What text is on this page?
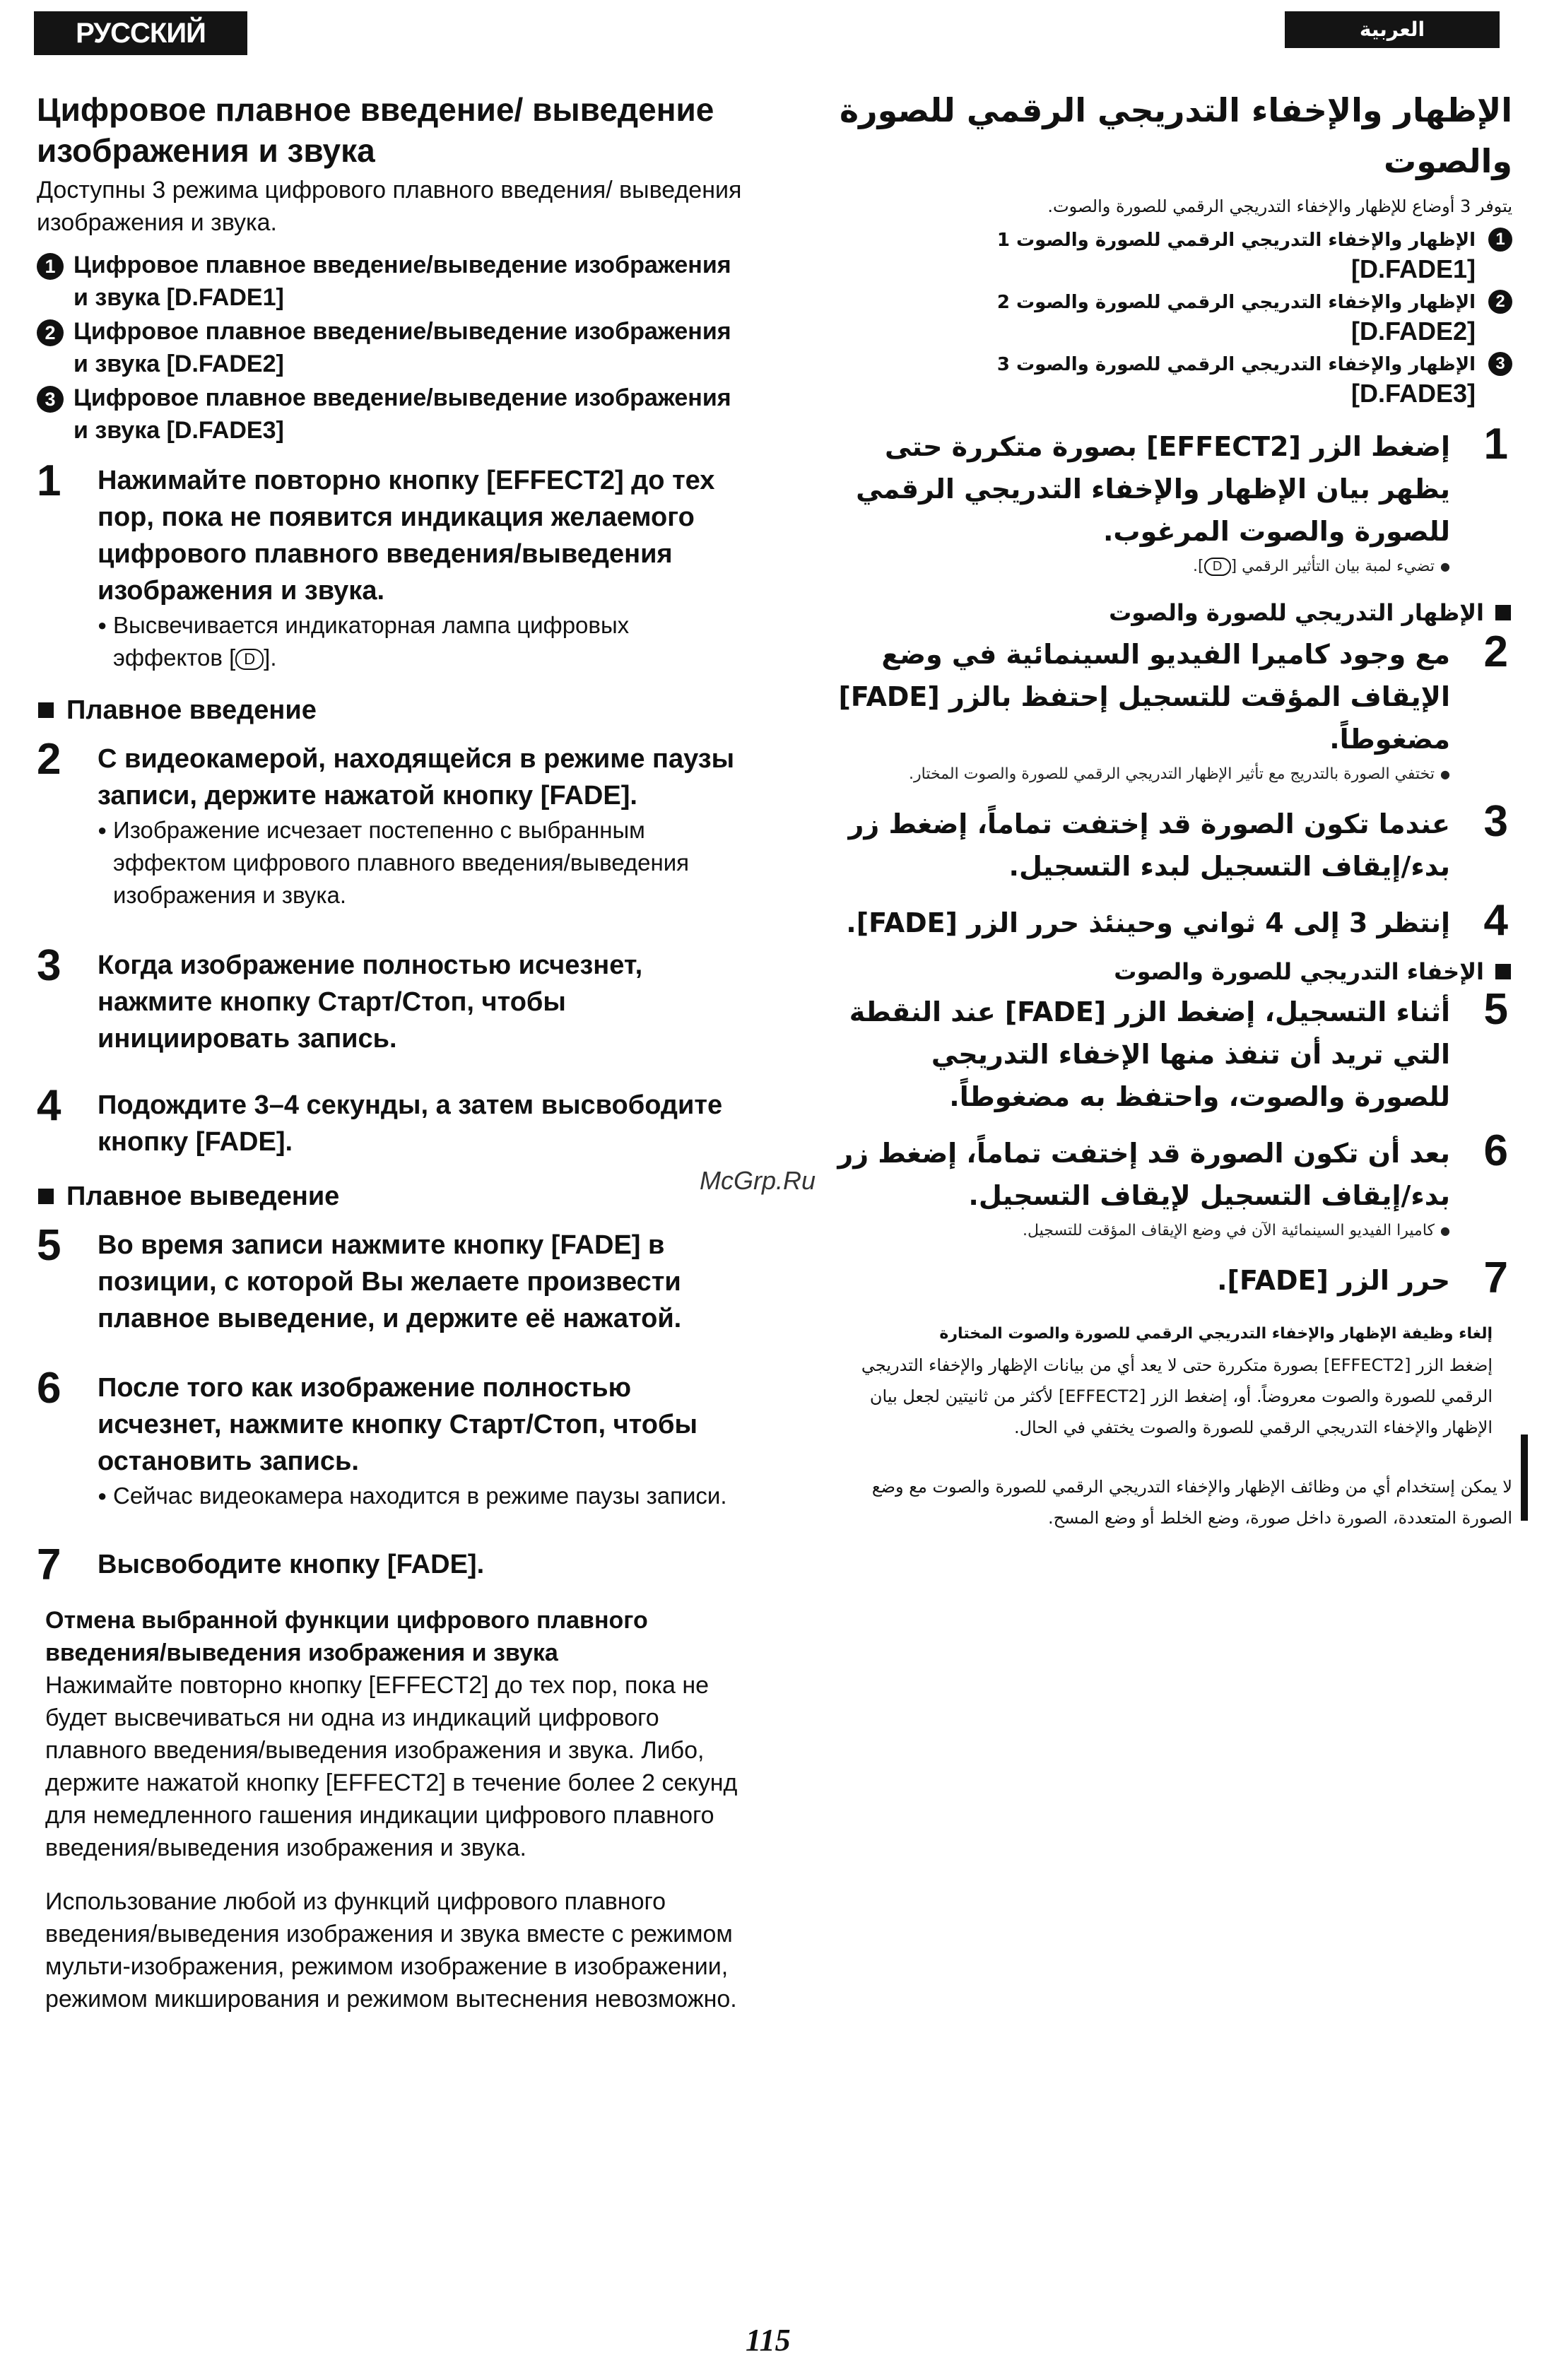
РУССКИЙ ЯЗЫК
العربية
Цифровое плавное введение/ выведение изображения и звука

Доступны 3 режима цифрового плавного введения/ выведения изображения и звука.

1 Цифровое плавное введение/выведение изображения и звука [D.FADE1]
2 Цифровое плавное введение/выведение изображения и звука [D.FADE2]
3 Цифровое плавное введение/выведение изображения и звука [D.FADE3]
1 Нажимайте повторно кнопку [EFFECT2] до тех пор, пока не появится индикация желаемого цифрового плавного введения/выведения изображения и звука.
● Высвечивается индикаторная лампа цифровых эффектов [ D ].
Плавное введение
2 С видеокамерой, находящейся в режиме паузы записи, держите нажатой кнопку [FADE].
● Изображение исчезает постепенно с выбранным эффектом цифрового плавного введения/выведения изображения и звука.
3 Когда изображение полностью исчезнет, нажмите кнопку Старт/Стоп, чтобы инициировать запись.
4 Подождите 3–4 секунды, а затем высвободите кнопку [FADE].
Плавное выведение
5 Во время записи нажмите кнопку [FADE] в позиции, с которой Вы желаете произвести плавное выведение, и держите её нажатой.
6 После того как изображение полностью исчезнет, нажмите кнопку Старт/Стоп, чтобы остановить запись.
● Сейчас видеокамера находится в режиме паузы записи.
7 Высвободите кнопку [FADE].

Отмена выбранной функции цифрового плавного введения/выведения изображения и звука

Нажимайте повторно кнопку [EFFECT2] до тех пор, пока не будет высвечиваться ни одна из индикаций цифрового плавного введения/выведения изображения и звука. Либо, держите нажатой кнопку [EFFECT2] в течение более 2 секунд для немедленного гашения индикации цифрового плавного введения/выведения изображения и звука.

Использование любой из функций цифрового плавного введения/выведения изображения и звука вместе с режимом мульти-изображения, режимом изображение в изображении, режимом микширования и режимом вытеснения невозможно.

الإظهار والإخفاء التدريجي الرقمي للصورة والصوت
يتوفر 3 أوضاع للإظهار والإخفاء التدريجي الرقمي للصورة والصوت.
1
الإظهار والإخفاء التدريجي الرقمي للصورة والصوت 1
[D.FADE1]
2
الإظهار والإخفاء التدريجي الرقمي للصورة والصوت 2
[D.FADE2]
3
الإظهار والإخفاء التدريجي الرقمي للصورة والصوت 3
[D.FADE3]
1
إضغط الزر [EFFECT2] بصورة متكررة حتى يظهر بيان الإظهار والإخفاء التدريجي الرقمي للصورة والصوت المرغوب.
● تضيء لمبة بيان التأثير الرقمي [D].
الإظهار التدريجي للصورة والصوت
2
مع وجود كاميرا الفيديو السينمائية في وضع الإيقاف المؤقت للتسجيل إحتفظ بالزر [FADE] مضغوطاً.
● تختفي الصورة بالتدريج مع تأثير الإظهار التدريجي الرقمي للصورة والصوت المختار.
3
عندما تكون الصورة قد إختفت تماماً، إضغط زر بدء/إيقاف التسجيل لبدء التسجيل.
4
إنتظر 3 إلى 4 ثواني وحينئذ حرر الزر [FADE].
الإخفاء التدريجي للصورة والصوت
5
أثناء التسجيل، إضغط الزر [FADE] عند النقطة التي تريد أن تنفذ منها الإخفاء التدريجي للصورة والصوت، واحتفظ به مضغوطاً.
6
بعد أن تكون الصورة قد إختفت تماماً، إضغط زر بدء/إيقاف التسجيل لإيقاف التسجيل.
● كاميرا الفيديو السينمائية الآن في وضع الإيقاف المؤقت للتسجيل.
7
حرر الزر [FADE].
إلغاء وظيفة الإظهار والإخفاء التدريجي الرقمي للصورة والصوت المختارة
إضغط الزر [EFFECT2] بصورة متكررة حتى لا يعد أي من بيانات الإظهار والإخفاء التدريجي الرقمي للصورة والصوت معروضاً. أو، إضغط الزر [EFFECT2] لأكثر من ثانيتين لجعل بيان الإظهار والإخفاء التدريجي الرقمي للصورة والصوت يختفي في الحال.
لا يمكن إستخدام أي من وظائف الإظهار والإخفاء التدريجي الرقمي للصورة والصوت مع وضع الصورة المتعددة، الصورة داخل صورة، وضع الخلط أو وضع المسح.
McGrp.Ru
115
